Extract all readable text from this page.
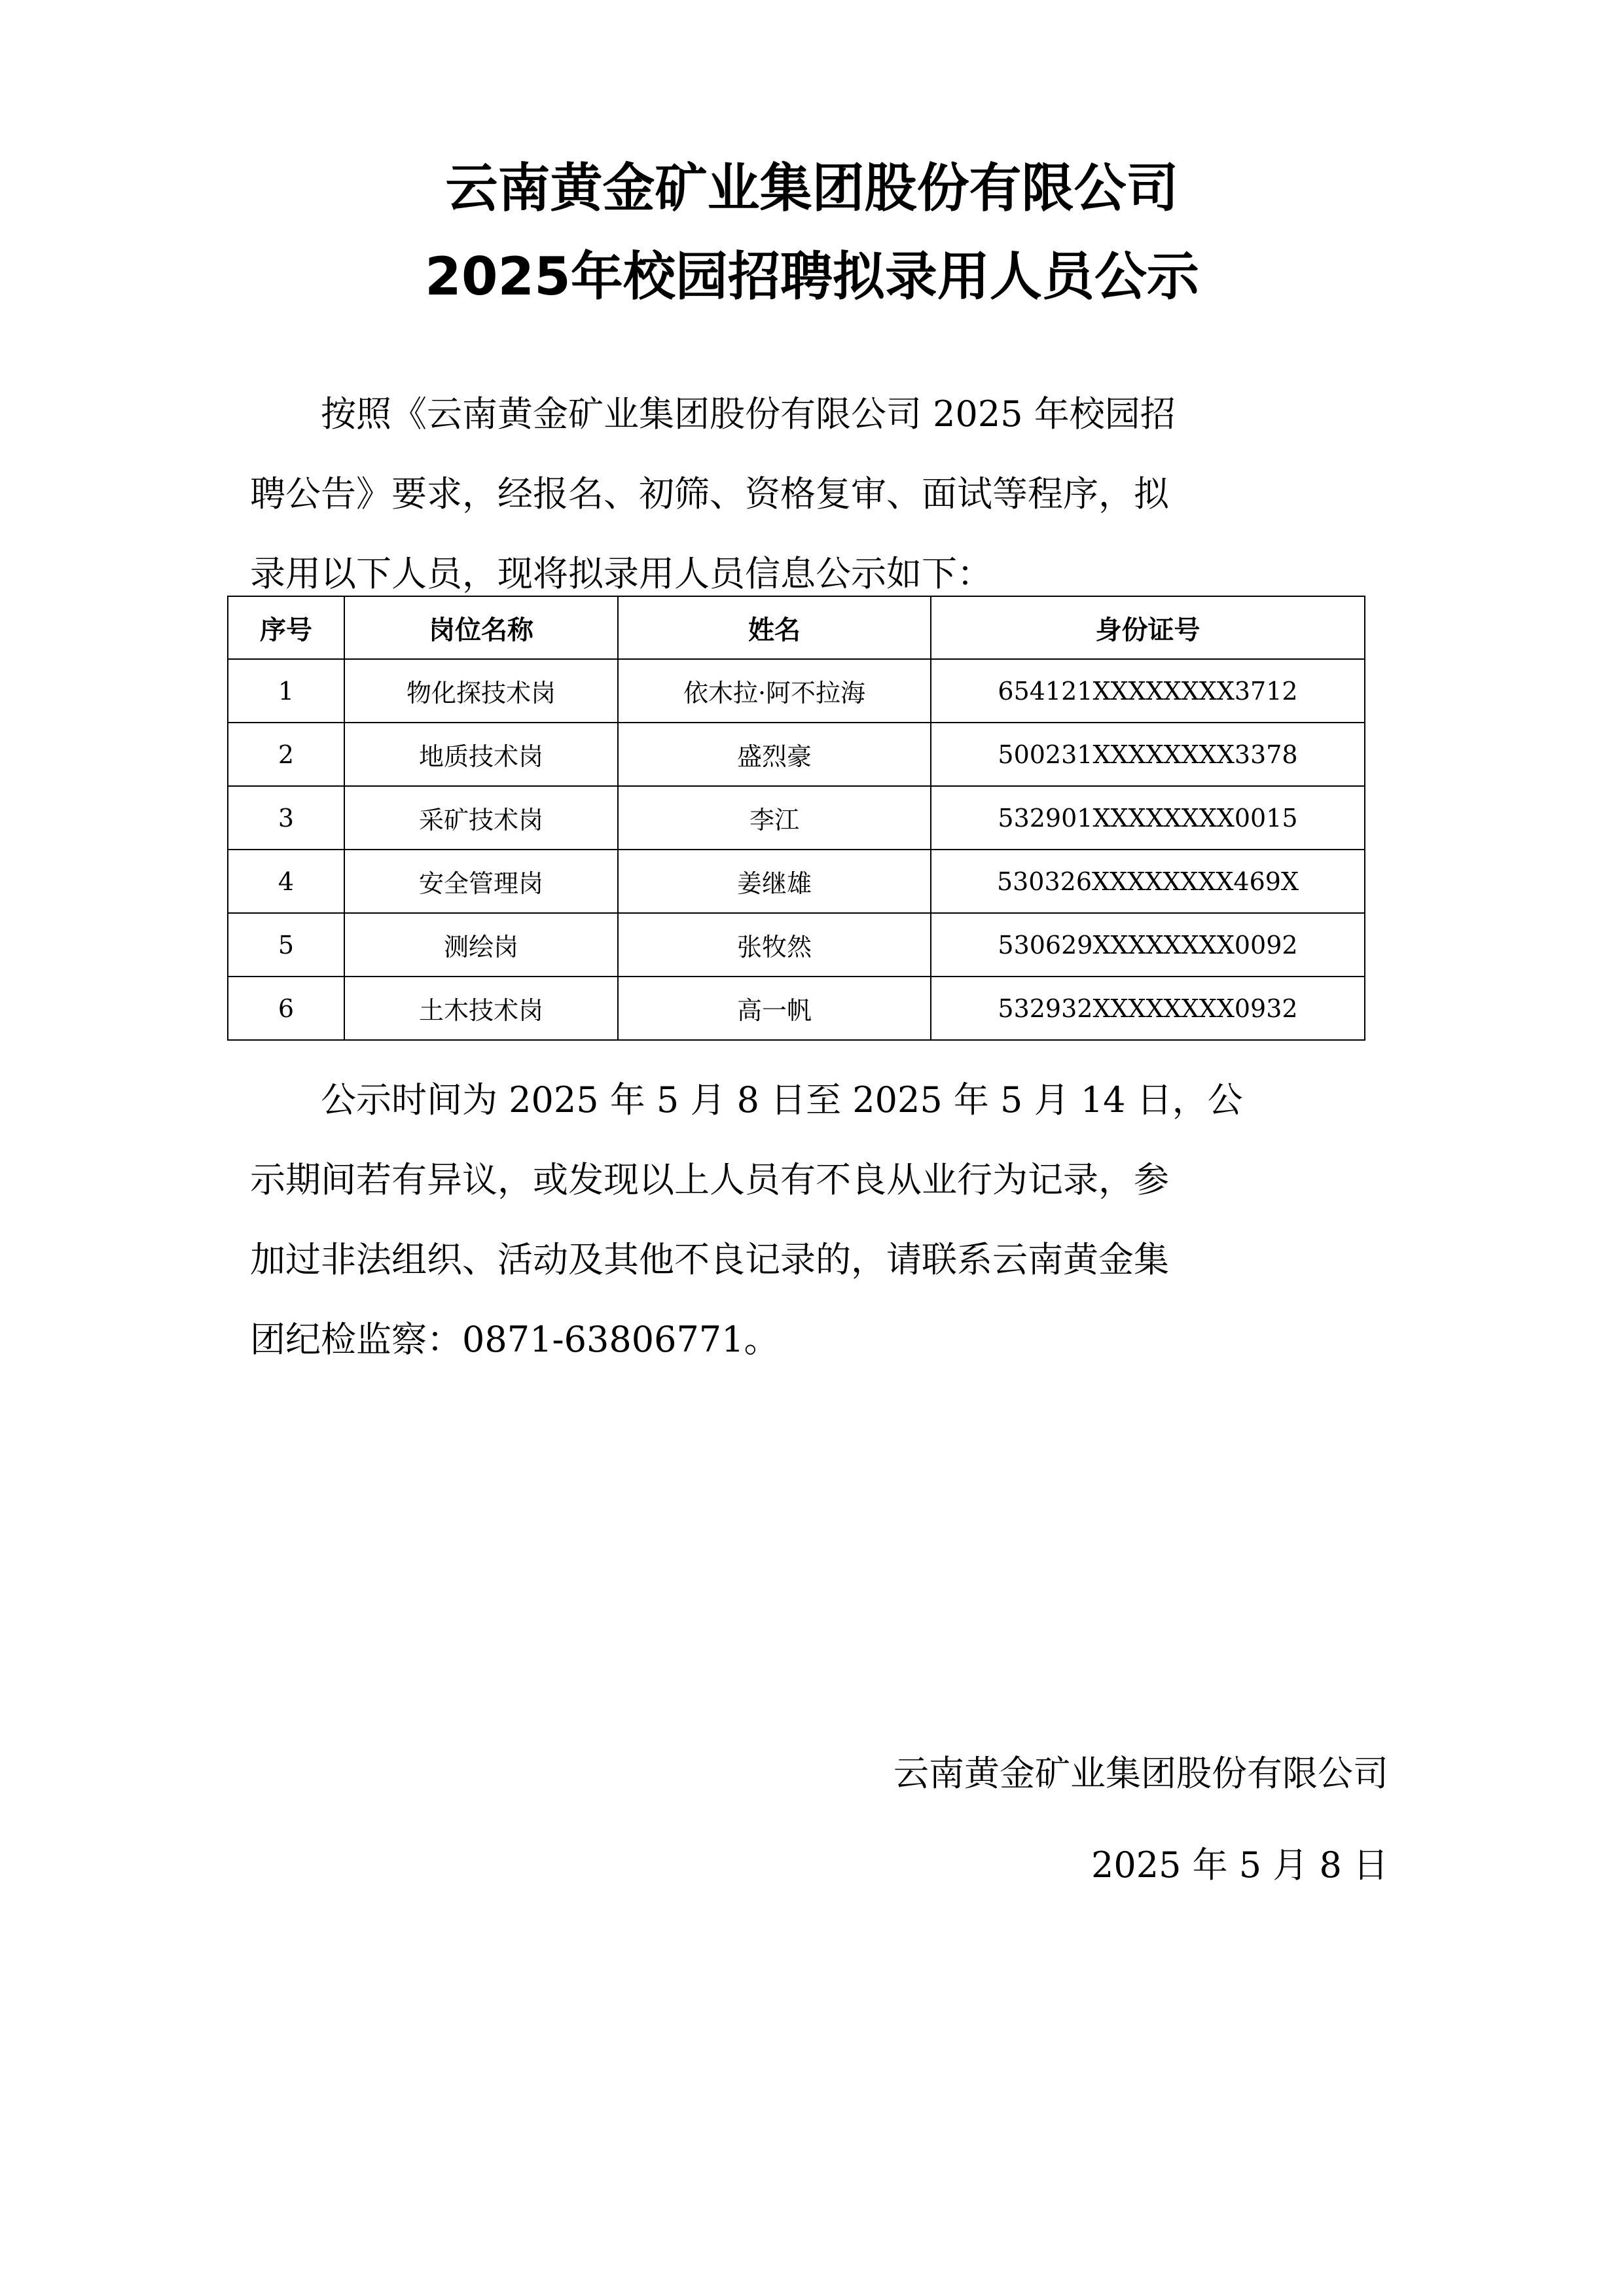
云南黄金矿业集团股份有限公司
2025年校园招聘拟录用人员公示
　　按照《云南黄金矿业集团股份有限公司 2025 年校园招
聘公告》要求，经报名、初筛、资格复审、面试等程序，拟
录用以下人员，现将拟录用人员信息公示如下：
序号	岗位名称	姓名	身份证号
1	物化探技术岗	依木拉·阿不拉海	654121XXXXXXXX3712
2	地质技术岗	盛烈豪	500231XXXXXXXX3378
3	采矿技术岗	李江	532901XXXXXXXX0015
4	安全管理岗	姜继雄	530326XXXXXXXX469X
5	测绘岗	张牧然	530629XXXXXXXX0092
6	土木技术岗	高一帆	532932XXXXXXXX0932
　　公示时间为 2025 年 5 月 8 日至 2025 年 5 月 14 日，公
示期间若有异议，或发现以上人员有不良从业行为记录，参
加过非法组织、活动及其他不良记录的，请联系云南黄金集
团纪检监察：0871-63806771。
云南黄金矿业集团股份有限公司
2025 年 5 月 8 日
